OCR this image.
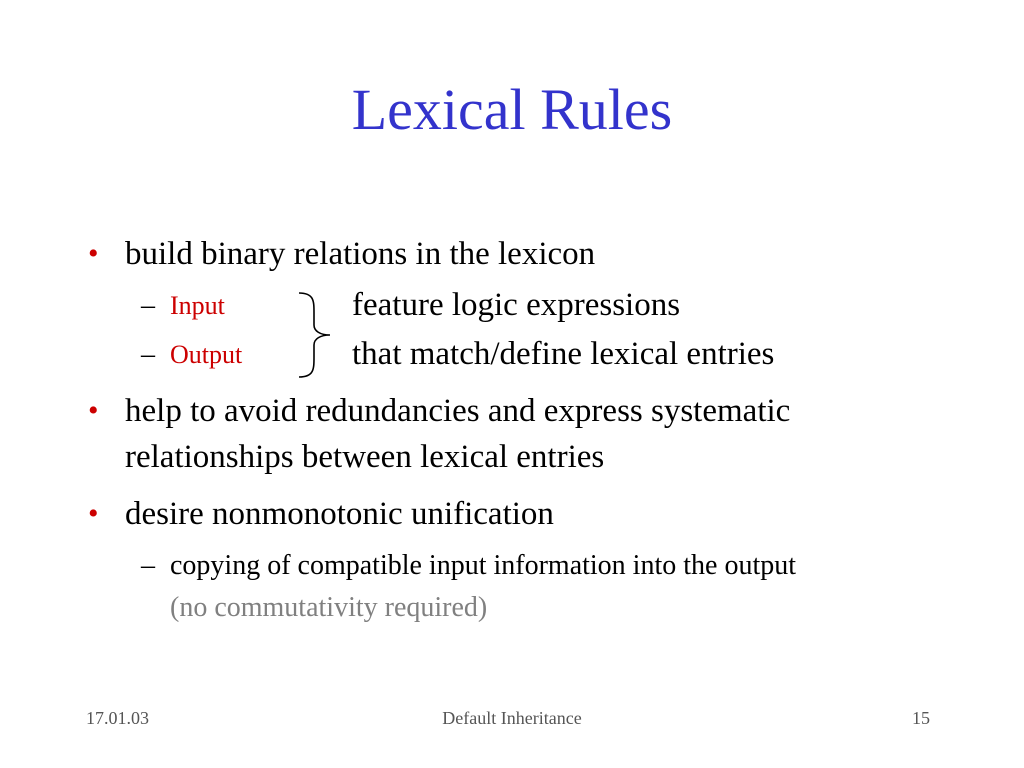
Lexical Rules
• build binary relations in the lexicon
– Input
– Output
feature logic expressions
that match/define lexical entries
• help to avoid redundancies and express systematic
relationships between lexical entries
• desire nonmonotonic unification
– copying of compatible input information into the output
(no commutativity required)
17.01.03	Default Inheritance	15
